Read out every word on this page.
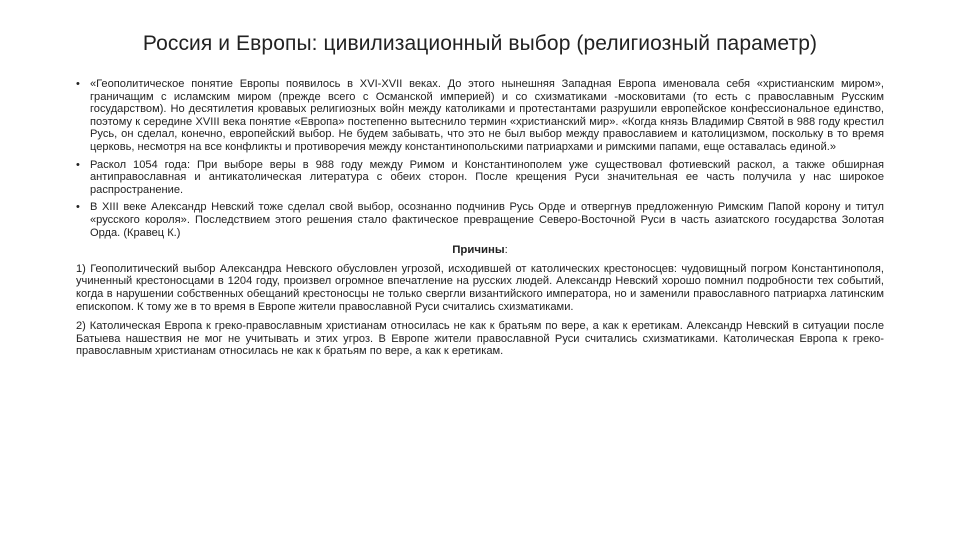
Россия и Европы: цивилизационный выбор (религиозный параметр)
• «Геополитическое понятие Европы появилось в XVI-XVII веках. До этого нынешняя Западная Европа именовала себя «христианским миром», граничащим с исламским миром (прежде всего с Османской империей) и со схизматиками -московитами (то есть с православным Русским государством). Но десятилетия кровавых религиозных войн между католиками и протестантами разрушили европейское конфессиональное единство, поэтому к середине XVIII века понятие «Европа» постепенно вытеснило термин «христианский мир». «Когда князь Владимир Святой в 988 году крестил Русь, он сделал, конечно, европейский выбор. Не будем забывать, что это не был выбор между православием и католицизмом, поскольку в то время церковь, несмотря на все конфликты и противоречия между константинопольскими патриархами и римскими папами, еще оставалась единой.»
• Раскол 1054 года: При выборе веры в 988 году между Римом и Константинополем уже существовал фотиевский раскол, а также обширная антиправославная и антикатолическая литература с обеих сторон. После крещения Руси значительная ее часть получила у нас широкое распространение.
• В XIII веке Александр Невский тоже сделал свой выбор, осознанно подчинив Русь Орде и отвергнув предложенную Римским Папой корону и титул «русского короля». Последствием этого решения стало фактическое превращение Северо-Восточной Руси в часть азиатского государства Золотая Орда. (Кравец К.)
Причины:

1) Геополитический выбор Александра Невского обусловлен угрозой, исходившей от католических крестоносцев: чудовищный погром Константинополя, учиненный крестоносцами в 1204 году, произвел огромное впечатление на русских людей. Александр Невский хорошо помнил подробности тех событий, когда в нарушении собственных обещаний крестоносцы не только свергли византийского императора, но и заменили православного патриарха латинским епископом. К тому же в то время в Европе жители православной Руси считались схизматиками.

2) Католическая Европа к греко-православным христианам относилась не как к братьям по вере, а как к еретикам. Александр Невский в ситуации после Батыева нашествия не мог не учитывать и этих угроз. В Европе жители православной Руси считались схизматиками. Католическая Европа к греко-православным христианам относилась не как к братьям по вере, а как к еретикам.
